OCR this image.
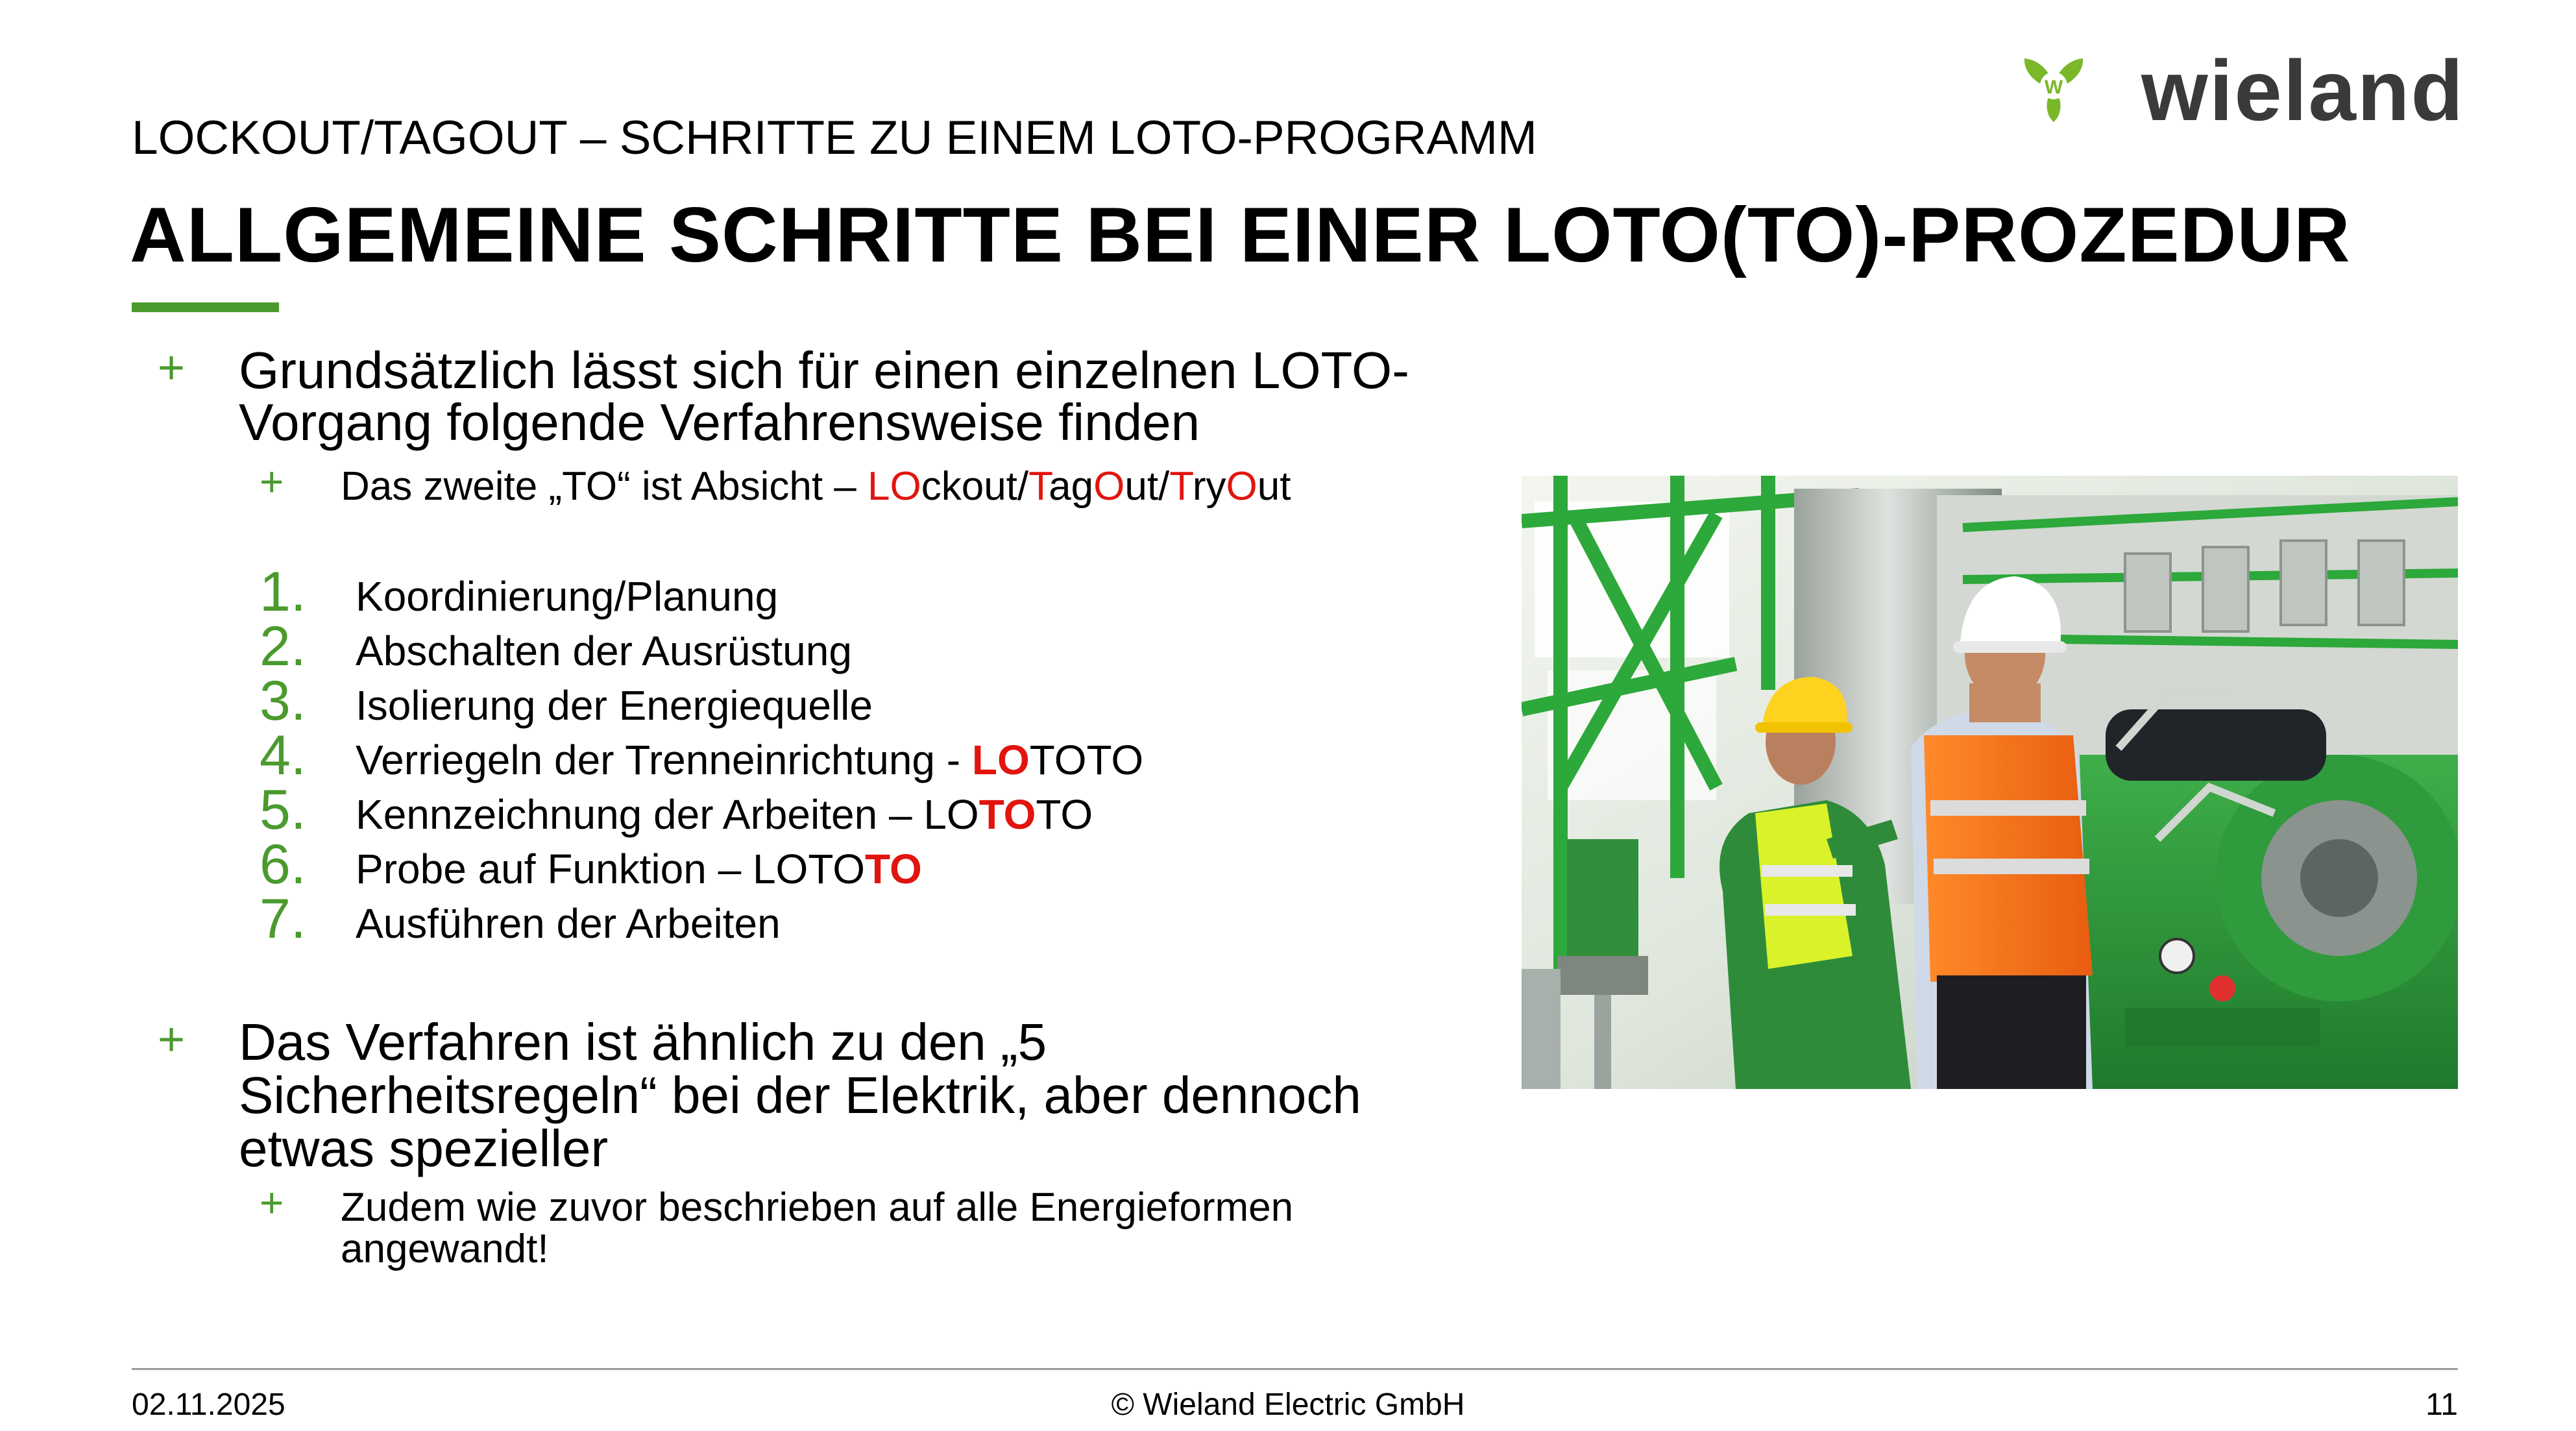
LOCKOUT/TAGOUT – SCHRITTE ZU EINEM LOTO-PROGRAMM
ALLGEMEINE SCHRITTE BEI EINER LOTO(TO)-PROZEDUR
W wieland
+ Grundsätzlich lässt sich für einen einzelnen LOTO-
Vorgang folgende Verfahrensweise finden
+ Das zweite „TO“ ist Absicht – LOckout/TagOut/TryOut
1. Koordinierung/Planung
2. Abschalten der Ausrüstung
3. Isolierung der Energiequelle
4. Verriegeln der Trenneinrichtung - LOTOTO
5. Kennzeichnung der Arbeiten – LOTOTO
6. Probe auf Funktion – LOTOTO
7. Ausführen der Arbeiten
+ Das Verfahren ist ähnlich zu den „5
Sicherheitsregeln“ bei der Elektrik, aber dennoch
etwas spezieller
+ Zudem wie zuvor beschrieben auf alle Energieformen
angewandt!
02.11.2025	© Wieland Electric GmbH	11
